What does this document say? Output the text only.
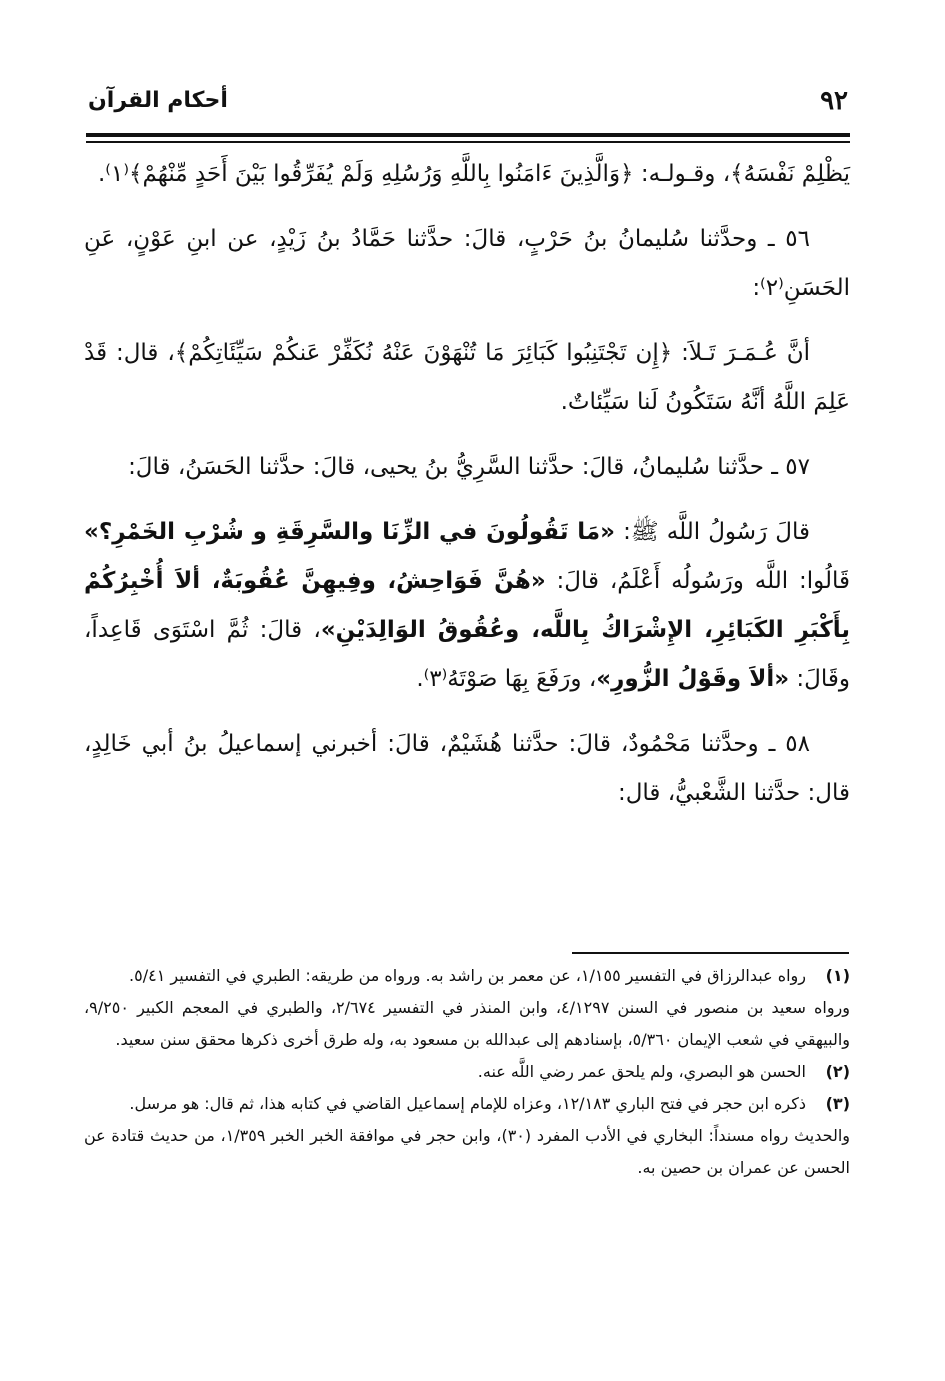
٩٢
أحكام القرآن

يَظْلِمْ نَفْسَهُ﴾، وقـولـه: ﴿وَالَّذِينَ ءَامَنُوا بِاللَّهِ وَرُسُلِهِ وَلَمْ يُفَرِّقُوا بَيْنَ أَحَدٍ مِّنْهُمْ﴾⁽١⁾.

٥٦ ـ وحدَّثنا سُليمانُ بنُ حَرْبٍ، قالَ: حدَّثنا حَمَّادُ بنُ زَيْدٍ، عن ابنِ عَوْنٍ، عَنِ الحَسَنِ⁽٢⁾:

أنَّ عُـمَـرَ تَـلاَ: ﴿إِن تَجْتَنِبُوا كَبَائِرَ مَا تُنْهَوْنَ عَنْهُ نُكَفِّرْ عَنكُمْ سَيِّئَاتِكُمْ﴾، قال: قَدْ عَلِمَ اللَّهُ أنَّهُ سَتَكُونُ لَنا سَيِّئاتٌ.

٥٧ ـ حدَّثنا سُليمانُ، قالَ: حدَّثنا السَّرِيُّ بنُ يحيى، قالَ: حدَّثنا الحَسَنُ، قالَ:

قالَ رَسُولُ اللَّه ﷺ: «مَا تَقُولُونَ في الزِّنَا والسَّرِقَةِ و شُرْبِ الخَمْرِ؟» قَالُوا: اللَّه ورَسُولُه أَعْلَمُ، قالَ: «هُنَّ فَوَاحِشُ، وفِيهِنَّ عُقُوبَةٌ، ألاَ أُخْبِرُكُمْ بِأَكْبَرِ الكَبَائِرِ، الإِشْرَاكُ بِاللَّه، وعُقُوقُ الوَالِدَيْنِ»، قالَ: ثُمَّ اسْتَوَى قَاعِداً، وقَالَ: «ألاَ وقَوْلُ الزُّورِ»، ورَفَعَ بِهَا صَوْتَهُ⁽٣⁾.

٥٨ ـ وحدَّثنا مَحْمُودٌ، قالَ: حدَّثنا هُشَيْمٌ، قالَ: أخبرني إسماعيلُ بنُ أبي خَالِدٍ، قال: حدَّثنا الشَّعْبيُّ، قال:

(١)

رواه عبدالرزاق في التفسير ١/١٥٥، عن معمر بن راشد به. ورواه من طريقه: الطبري في التفسير ٥/٤١.

ورواه سعيد بن منصور في السنن ٤/١٢٩٧، وابن المنذر في التفسير ٢/٦٧٤، والطبري في المعجم الكبير ٩/٢٥٠، والبيهقي في شعب الإيمان ٥/٣٦٠، بإسنادهم إلى عبدالله بن مسعود به، وله طرق أخرى ذكرها محقق سنن سعيد.

(٢)

الحسن هو البصري، ولم يلحق عمر رضي اللَّه عنه.

(٣)

ذكره ابن حجر في فتح الباري ١٢/١٨٣، وعزاه للإمام إسماعيل القاضي في كتابه هذا، ثم قال: هو مرسل.

والحديث رواه مسنداً: البخاري في الأدب المفرد (٣٠)، وابن حجر في موافقة الخبر الخبر ١/٣٥٩، من حديث قتادة عن الحسن عن عمران بن حصين به.
